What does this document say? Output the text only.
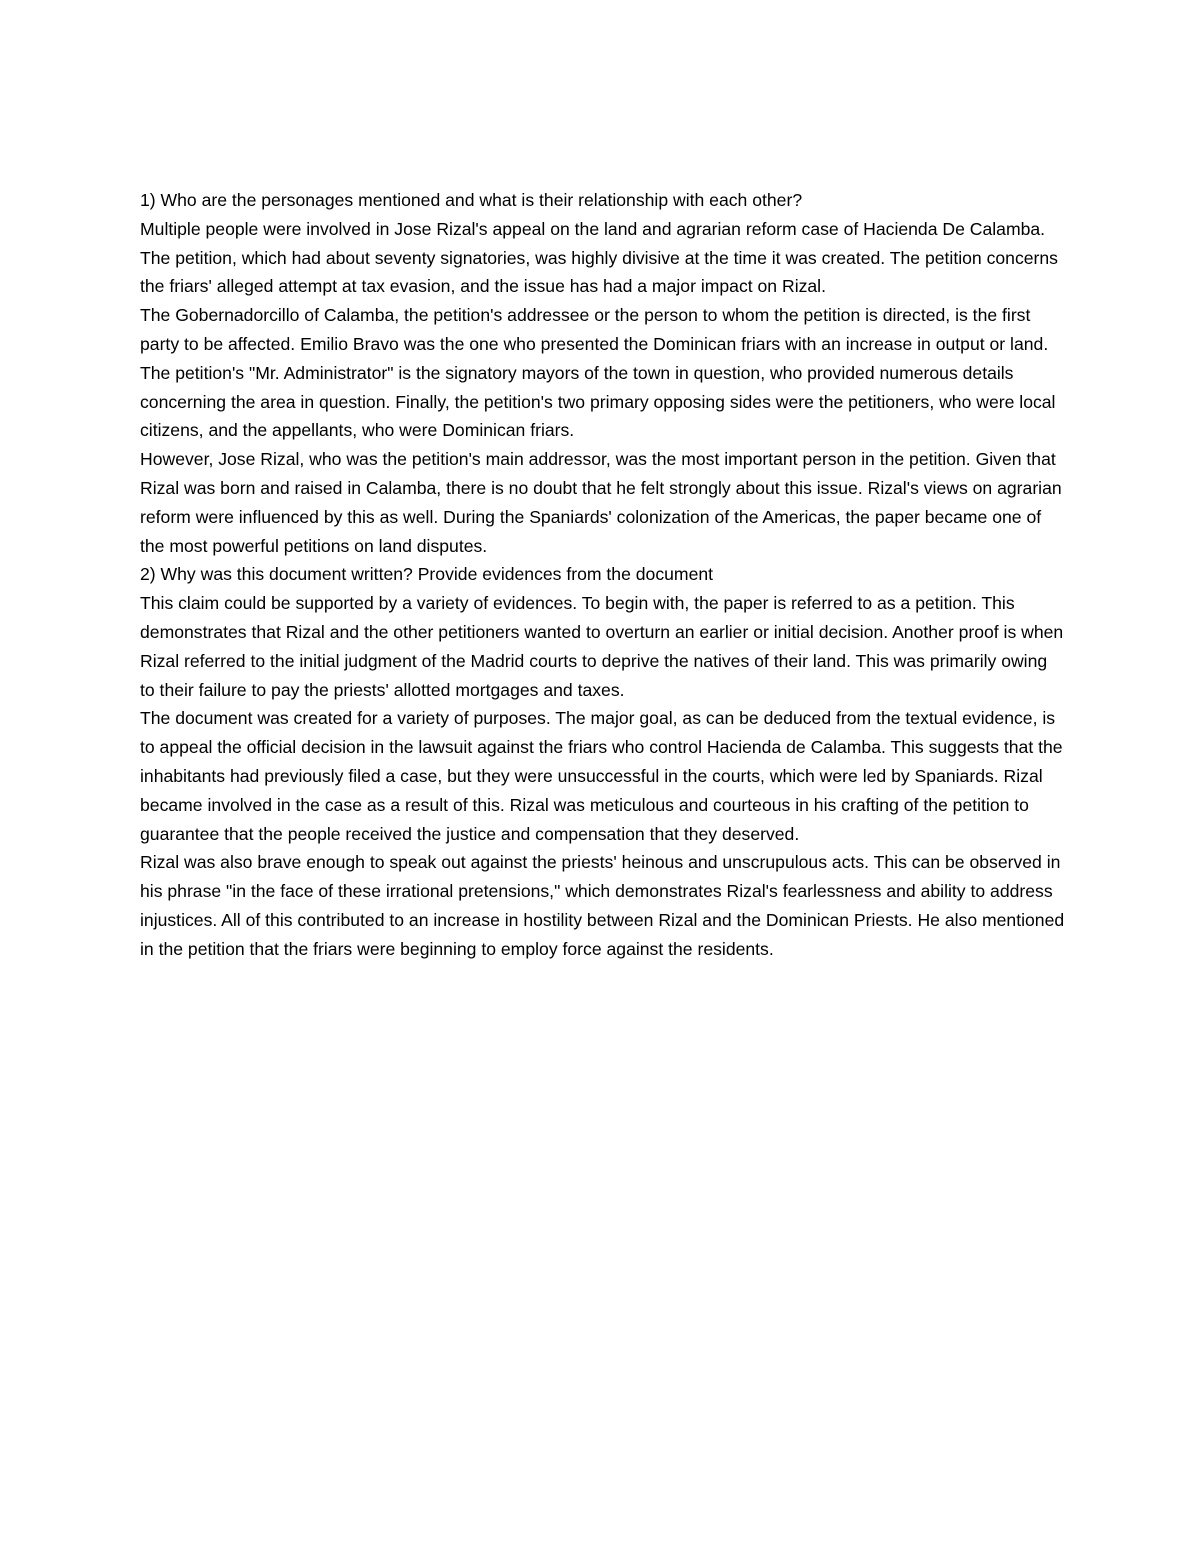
1) Who are the personages mentioned and what is their relationship with each other?

Multiple people were involved in Jose Rizal's appeal on the land and agrarian reform case of Hacienda De Calamba. The petition, which had about seventy signatories, was highly divisive at the time it was created. The petition concerns the friars' alleged attempt at tax evasion, and the issue has had a major impact on Rizal.

The Gobernadorcillo of Calamba, the petition's addressee or the person to whom the petition is directed, is the first party to be affected. Emilio Bravo was the one who presented the Dominican friars with an increase in output or land. The petition's "Mr. Administrator" is the signatory mayors of the town in question, who provided numerous details concerning the area in question. Finally, the petition's two primary opposing sides were the petitioners, who were local citizens, and the appellants, who were Dominican friars.

However, Jose Rizal, who was the petition's main addressor, was the most important person in the petition. Given that Rizal was born and raised in Calamba, there is no doubt that he felt strongly about this issue. Rizal's views on agrarian reform were influenced by this as well. During the Spaniards' colonization of the Americas, the paper became one of the most powerful petitions on land disputes.

2) Why was this document written? Provide evidences from the document

This claim could be supported by a variety of evidences. To begin with, the paper is referred to as a petition. This demonstrates that Rizal and the other petitioners wanted to overturn an earlier or initial decision. Another proof is when Rizal referred to the initial judgment of the Madrid courts to deprive the natives of their land. This was primarily owing to their failure to pay the priests' allotted mortgages and taxes.

The document was created for a variety of purposes. The major goal, as can be deduced from the textual evidence, is to appeal the official decision in the lawsuit against the friars who control Hacienda de Calamba. This suggests that the inhabitants had previously filed a case, but they were unsuccessful in the courts, which were led by Spaniards. Rizal became involved in the case as a result of this. Rizal was meticulous and courteous in his crafting of the petition to guarantee that the people received the justice and compensation that they deserved.

Rizal was also brave enough to speak out against the priests' heinous and unscrupulous acts. This can be observed in his phrase "in the face of these irrational pretensions," which demonstrates Rizal's fearlessness and ability to address injustices. All of this contributed to an increase in hostility between Rizal and the Dominican Priests. He also mentioned in the petition that the friars were beginning to employ force against the residents.
